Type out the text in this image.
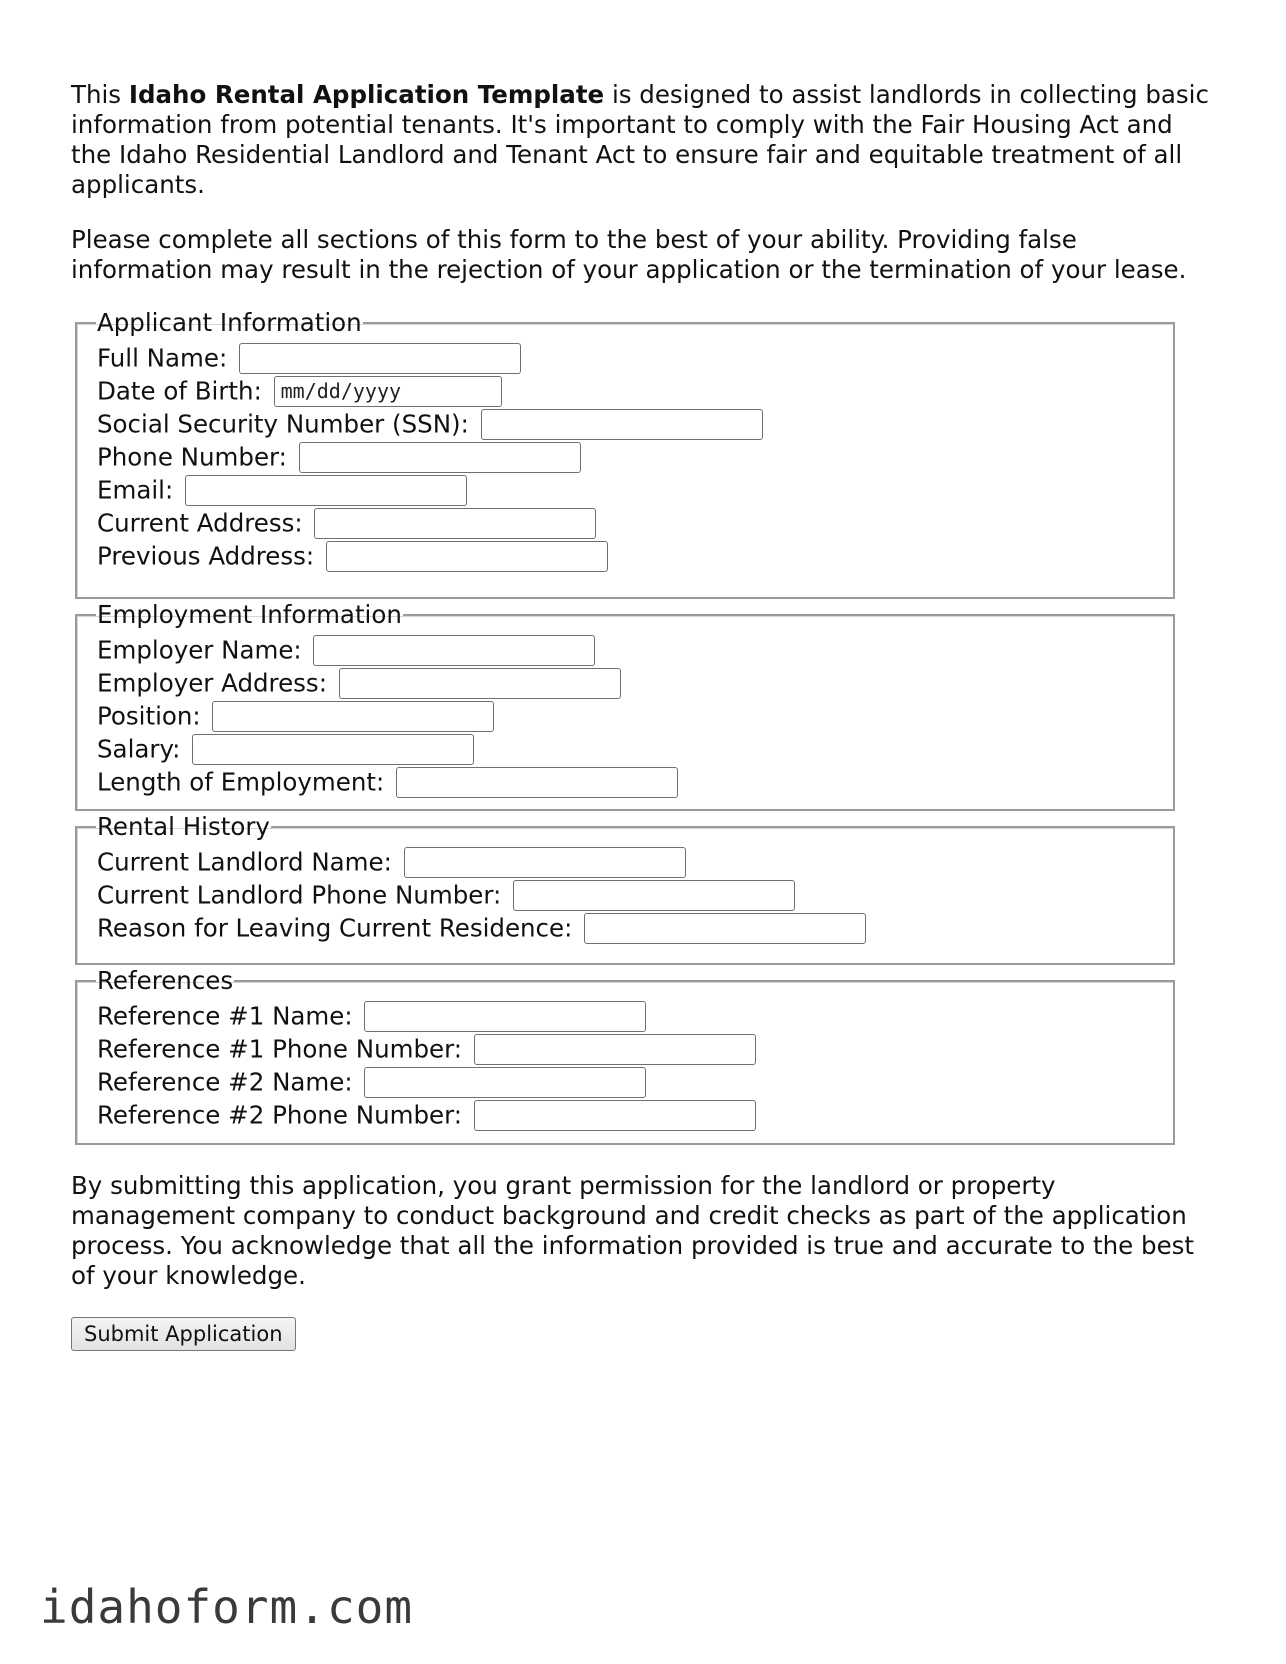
This Idaho Rental Application Template is designed to assist landlords in collecting basic information from potential tenants. It's important to comply with the Fair Housing Act and the Idaho Residential Landlord and Tenant Act to ensure fair and equitable treatment of all applicants.

Please complete all sections of this form to the best of your ability. Providing false information may result in the rejection of your application or the termination of your lease.

Applicant Information
Full Name:
Date of Birth: mm/dd/yyyy
Social Security Number (SSN):
Phone Number:
Email:
Current Address:
Previous Address:
Employment Information
Employer Name:
Employer Address:
Position:
Salary:
Length of Employment:
Rental History
Current Landlord Name:
Current Landlord Phone Number:
Reason for Leaving Current Residence:
References
Reference #1 Name:
Reference #1 Phone Number:
Reference #2 Name:
Reference #2 Phone Number:

By submitting this application, you grant permission for the landlord or property management company to conduct background and credit checks as part of the application process. You acknowledge that all the information provided is true and accurate to the best of your knowledge.

Submit Application
idahoform.com
